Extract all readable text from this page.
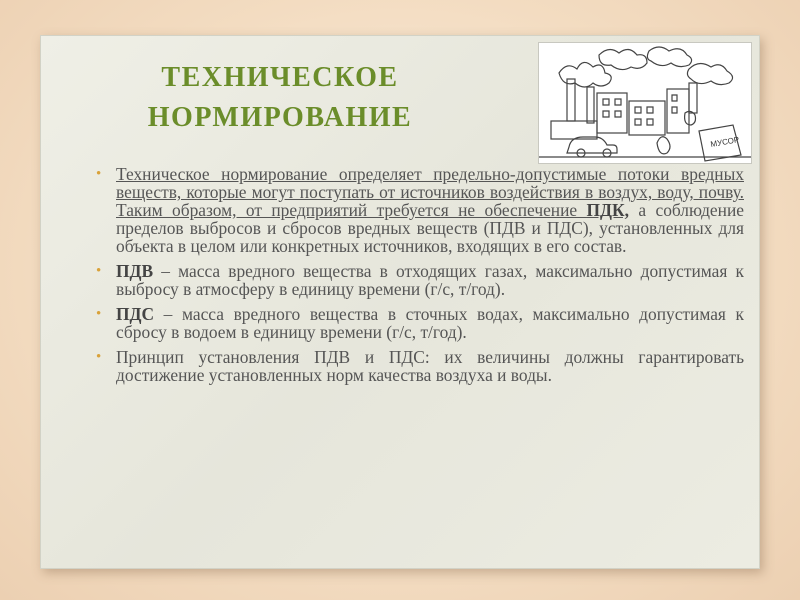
ТЕХНИЧЕСКОЕ
НОРМИРОВАНИЕ
МУСОР
• Техническое нормирование определяет предельно-допустимые потоки вредных веществ, которые могут поступать от источников воздействия в воздух, воду, почву. Таким образом, от предприятий требуется не обеспечение ПДК, а соблюдение пределов выбросов и сбросов вредных веществ (ПДВ и ПДС), установленных для объекта в целом или конкретных источников, входящих в его состав.
• ПДВ – масса вредного вещества в отходящих газах, максимально допустимая к выбросу в атмосферу в единицу времени (г/с, т/год).
• ПДС – масса вредного вещества в сточных водах, максимально допустимая к сбросу в водоем в единицу времени (г/с, т/год).
• Принцип установления ПДВ и ПДС: их величины должны гарантировать достижение установленных норм качества воздуха и воды.
